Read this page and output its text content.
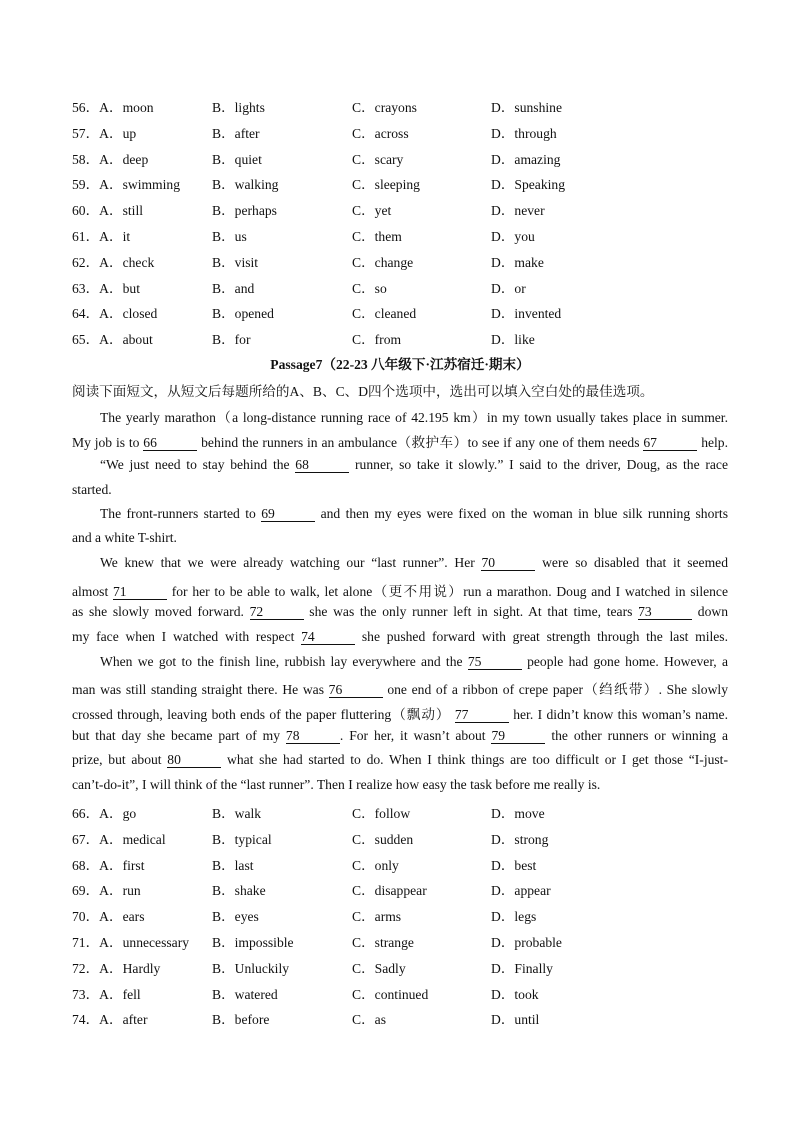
56．A．moon	B．lights	C．crayons	D．sunshine
57．A．up	B．after	C．across	D．through
58．A．deep	B．quiet	C．scary	D．amazing
59．A．swimming B．walking	C．sleeping	D．Speaking
60．A．still	B．perhaps	C．yet	D．never
61．A．it	B．us	C．them	D．you
62．A．check	B．visit	C．change	D．make
63．A．but	B．and	C．so	D．or
64．A．closed	B．opened	C．cleaned	D．invented
65．A．about	B．for	C．from	D．like
Passage7（22-23 八年级下·江苏宿迁·期末）
阅读下面短文，从短文后每题所给的A、B、C、D四个选项中，选出可以填入空白处的最佳选项。
The yearly marathon（a long-distance running race of 42.195 km）in my town usually takes place in summer.
My job is to 66	behind the runners in an ambulance（救护车）to see if any one of them needs 67	help.
“We just need to stay behind the 68	runner, so take it slowly.” I said to the driver, Doug, as the race
started.
The front-runners started to 69	and then my eyes were fixed on the woman in blue silk running shorts
and a white T-shirt.
We knew that we were already watching our “last runner”. Her 70	were so disabled that it seemed
almost 71	for her to be able to walk, let alone（更不用说）run a marathon. Doug and I watched in silence
as she slowly moved forward. 72	she was the only runner left in sight. At that time, tears 73	down
my face when I watched with respect 74	she pushed forward with great strength through the last miles.
When we got to the finish line, rubbish lay everywhere and the 75	people had gone home. However, a
man was still standing straight there. He was 76	one end of a ribbon of crepe paper（绉纸带）. She slowly
crossed through, leaving both ends of the paper fluttering（飘动） 77	her. I didn’t know this woman’s name.
but that day she became part of my 78	. For her, it wasn’t about 79	the other runners or winning a
prize, but about 80	what she had started to do. When I think things are too difficult or I get those “I-just-
can’t-do-it”, I will think of the “last runner”. Then I realize how easy the task before me really is.
66．A．go	B．walk	C．follow	D．move
67．A．medical	B．typical	C．sudden	D．strong
68．A．first	B．last	C．only	D．best
69．A．run	B．shake	C．disappear	D．appear
70．A．ears	B．eyes	C．arms	D．legs
71．A．unnecessary B．impossible	C．strange	D．probable
72．A．Hardly	B．Unluckily	C．Sadly	D．Finally
73．A．fell	B．watered	C．continued	D．took
74．A．after	B．before	C．as	D．until
